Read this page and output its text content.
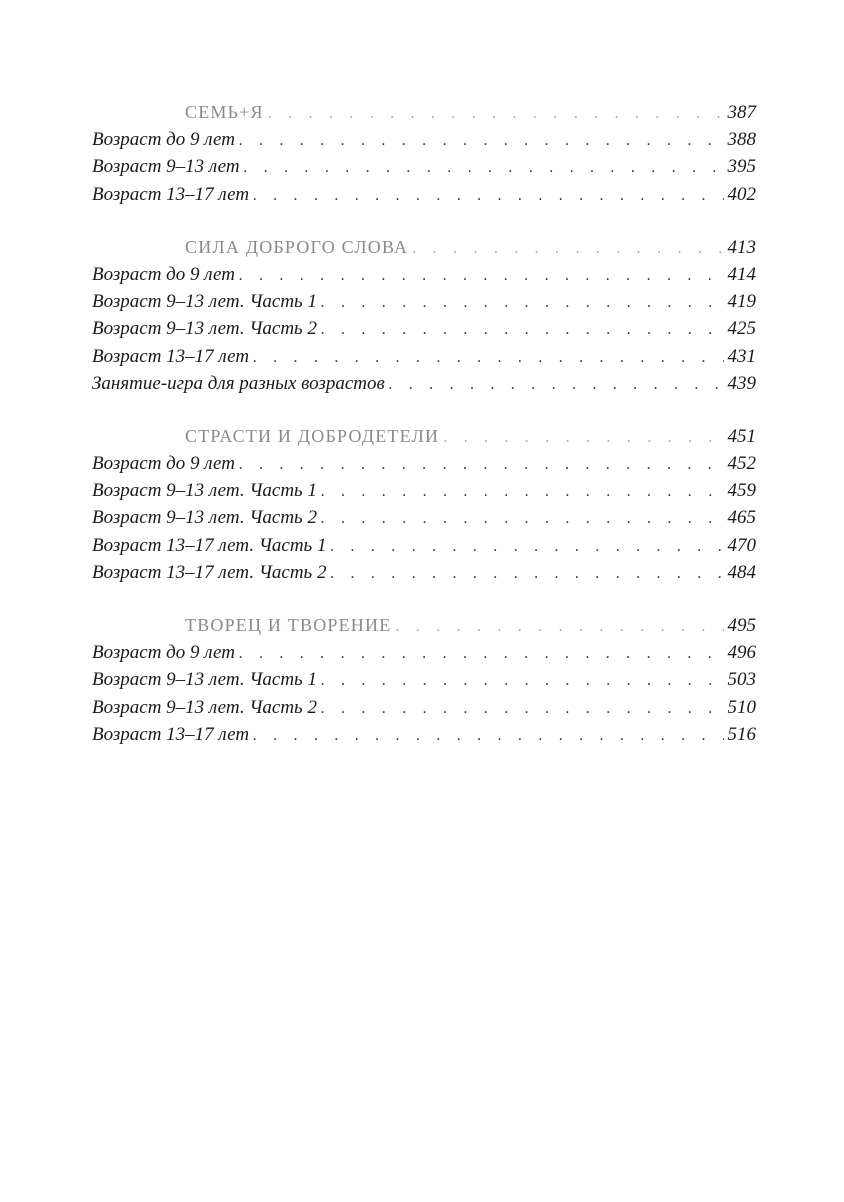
СЕМЬ+Я . . .	387
Возраст до 9 лет . . .	388
Возраст 9–13 лет . . .	395
Возраст 13–17 лет . . .	402
СИЛА ДОБРОГО СЛОВА . . .	413
Возраст до 9 лет . . .	414
Возраст 9–13 лет. Часть 1 . . .	419
Возраст 9–13 лет. Часть 2 . . .	425
Возраст 13–17 лет . . .	431
Занятие-игра для разных возрастов . . .	439
СТРАСТИ И ДОБРОДЕТЕЛИ . . .	451
Возраст до 9 лет . . .	452
Возраст 9–13 лет. Часть 1 . . .	459
Возраст 9–13 лет. Часть 2 . . .	465
Возраст 13–17 лет. Часть 1 . . .	470
Возраст 13–17 лет. Часть 2 . . .	484
ТВОРЕЦ И ТВОРЕНИЕ . . .	495
Возраст до 9 лет . . .	496
Возраст 9–13 лет. Часть 1 . . .	503
Возраст 9–13 лет. Часть 2 . . .	510
Возраст 13–17 лет . . .	516
